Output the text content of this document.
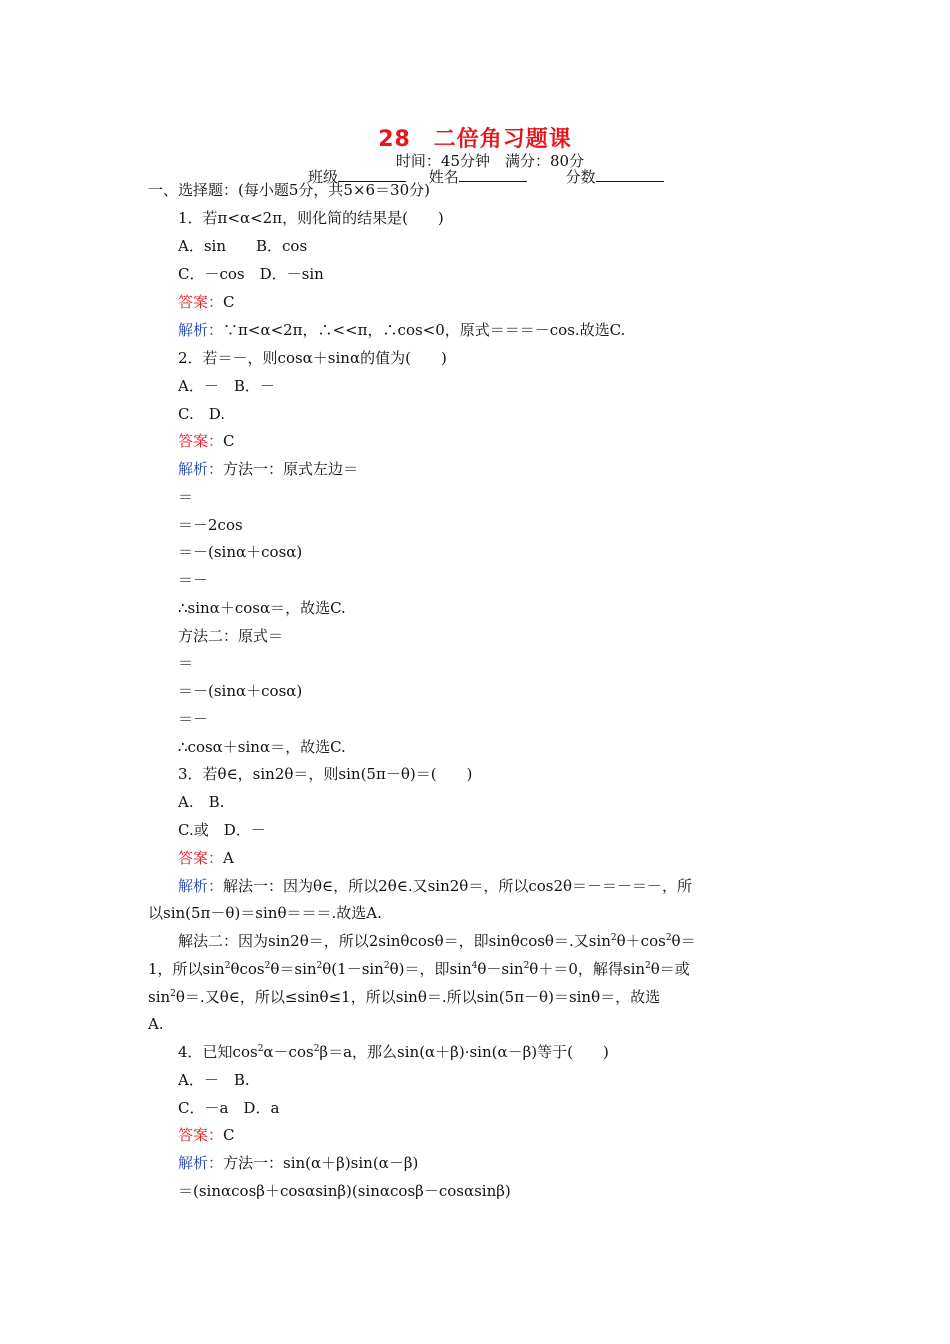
28　二倍角习题课
时间：45分钟　满分：80分
班级	姓名	分数
一、选择题：(每小题5分，共5×6＝30分)
1．若π<α<2π，则化简的结果是(　　)
A．sin　　B．cos
C．－cos　D．－sin
答案：C
解析：∵π<α<2π，∴<<π，∴cos<0，原式＝＝＝－cos.故选C.
2．若＝－，则cosα＋sinα的值为(　　)
A．－　B．－
C.　D.
答案：C
解析：方法一：原式左边＝
＝
＝－2cos
＝－(sinα＋cosα)
＝－
∴sinα＋cosα＝，故选C.
方法二：原式＝
＝
＝－(sinα＋cosα)
＝－
∴cosα＋sinα＝，故选C.
3．若θ∈，sin2θ＝，则sin(5π－θ)＝(　　)
A.　B.
C.或　D．－
答案：A
解析：解法一：因为θ∈，所以2θ∈.又sin2θ＝，所以cos2θ＝－＝－＝－，所
以sin(5π－θ)＝sinθ＝＝＝.故选A.
解法二：因为sin2θ＝，所以2sinθcosθ＝，即sinθcosθ＝.又$\sin^2\theta+\cos^2\theta=$
1，所以$\sin^2\theta\cos^2\theta=\sin^2\theta(1-\sin^2\theta)=$，即$\sin^4\theta-\sin^2\theta+=0$，解得$\sin^2\theta=$或
$\sin^2\theta=$.又θ∈，所以≤sinθ≤1，所以sinθ＝.所以sin(5π－θ)＝sinθ＝，故选
A.
4．已知$\cos^2\alpha-\cos^2\beta=a$，那么sin(α＋β)·sin(α－β)等于(　　)
A．－　B.
C．－a　D．a
答案：C
解析：方法一：sin(α＋β)sin(α－β)
＝(sinαcosβ＋cosαsinβ)(sinαcosβ－cosαsinβ)
